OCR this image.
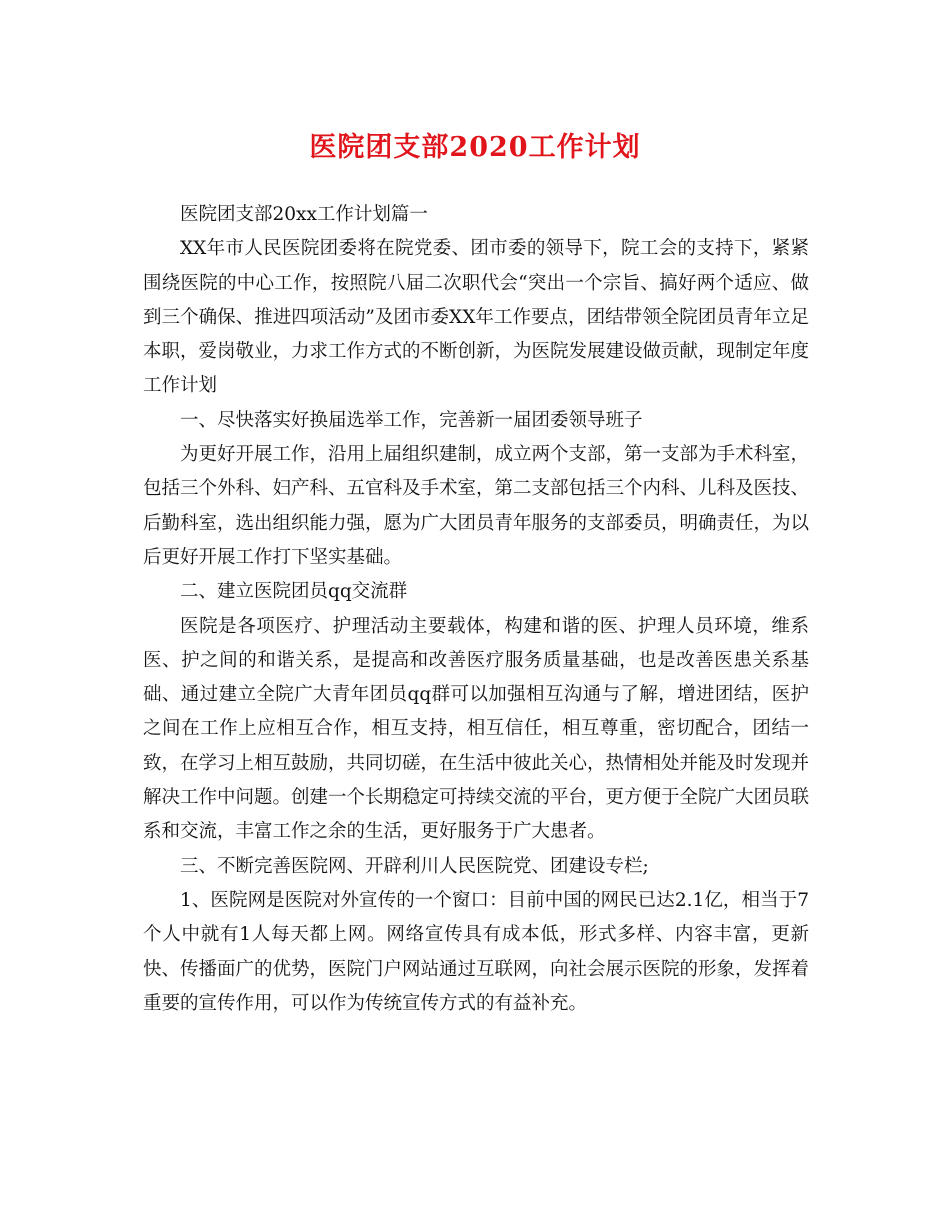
医院团支部2020工作计划

医院团支部20xx工作计划篇一

XX年市人民医院团委将在院党委、团市委的领导下，院工会的支持下，紧紧围绕医院的中心工作，按照院八届二次职代会“突出一个宗旨、搞好两个适应、做到三个确保、推进四项活动”及团市委XX年工作要点，团结带领全院团员青年立足本职，爱岗敬业，力求工作方式的不断创新，为医院发展建设做贡献，现制定年度工作计划

一、尽快落实好换届选举工作，完善新一届团委领导班子

为更好开展工作，沿用上届组织建制，成立两个支部，第一支部为手术科室，包括三个外科、妇产科、五官科及手术室，第二支部包括三个内科、儿科及医技、后勤科室，选出组织能力强，愿为广大团员青年服务的支部委员，明确责任，为以后更好开展工作打下坚实基础。

二、建立医院团员qq交流群

医院是各项医疗、护理活动主要载体，构建和谐的医、护理人员环境，维系医、护之间的和谐关系，是提高和改善医疗服务质量基础，也是改善医患关系基础、通过建立全院广大青年团员qq群可以加强相互沟通与了解，增进团结，医护之间在工作上应相互合作，相互支持，相互信任，相互尊重，密切配合，团结一致，在学习上相互鼓励，共同切磋，在生活中彼此关心，热情相处并能及时发现并解决工作中问题。创建一个长期稳定可持续交流的平台，更方便于全院广大团员联系和交流，丰富工作之余的生活，更好服务于广大患者。

三、不断完善医院网、开辟利川人民医院党、团建设专栏;

1、医院网是医院对外宣传的一个窗口：目前中国的网民已达2.1亿，相当于7个人中就有1人每天都上网。网络宣传具有成本低，形式多样、内容丰富，更新快、传播面广的优势，医院门户网站通过互联网，向社会展示医院的形象，发挥着重要的宣传作用，可以作为传统宣传方式的有益补充。
